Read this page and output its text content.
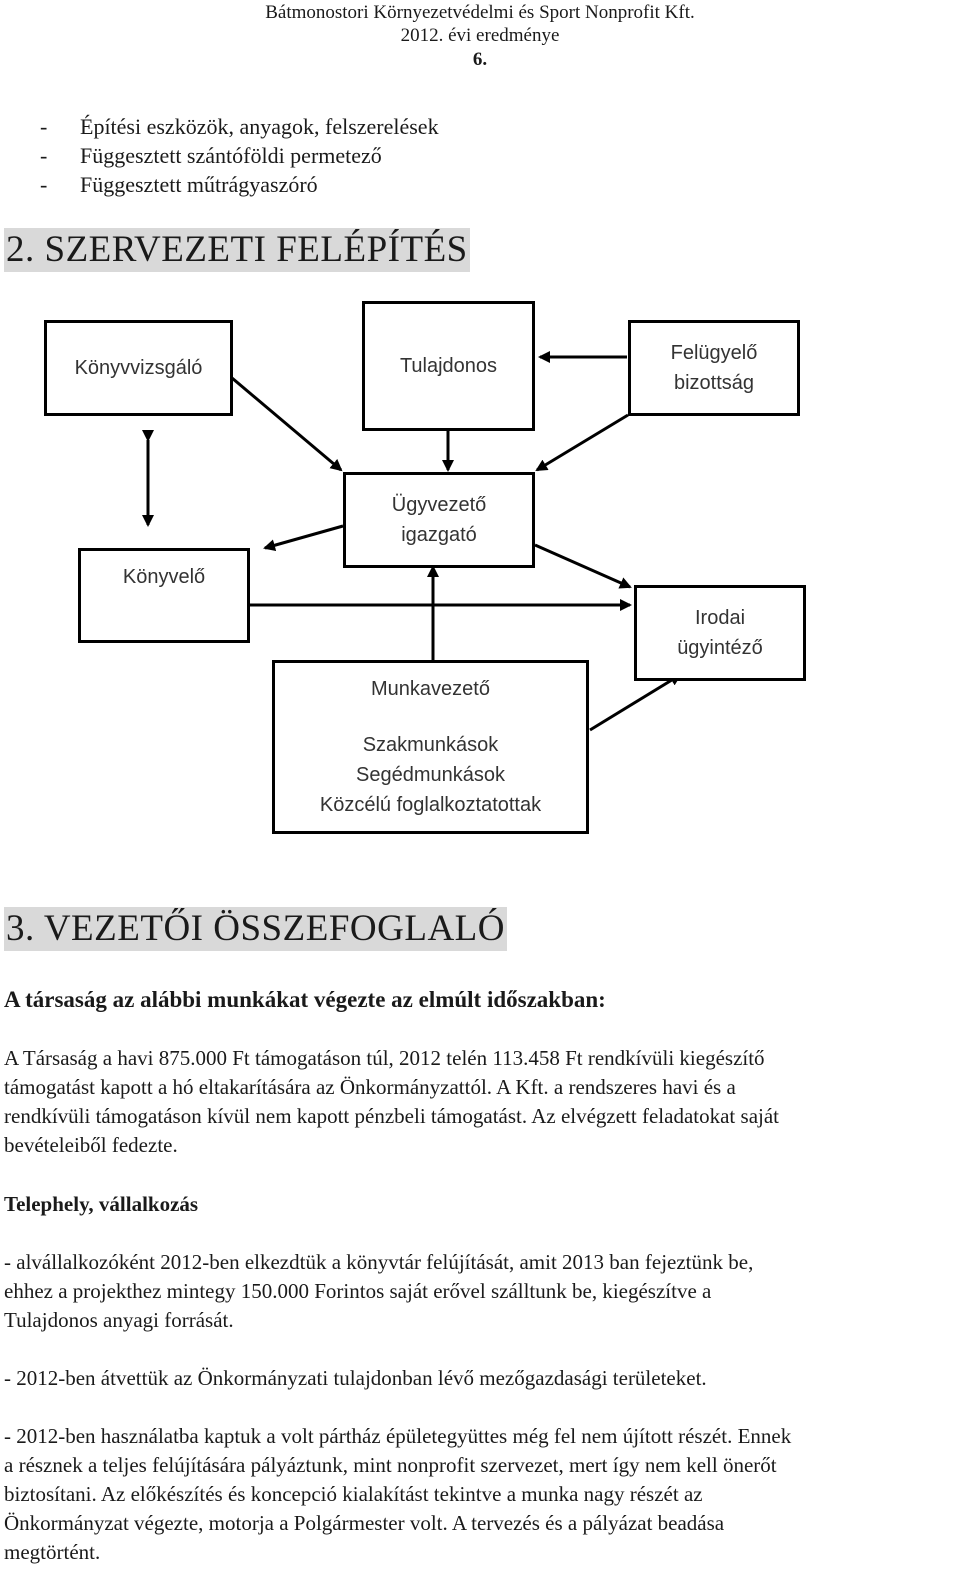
Bátmonostori Környezetvédelmi és Sport Nonprofit Kft.
2012. évi eredménye
6.
- Építési eszközök, anyagok, felszerelések
- Függesztett szántóföldi permetező
- Függesztett műtrágyaszóró
2. SZERVEZETI FELÉPÍTÉS
Könyvvizsgáló	Tulajdonos
Felügyelő
bizottság
Ügyvezető
igazgató
Könyvelő
Irodai
ügyintéző
Munkavezető
Szakmunkások
Segédmunkások
Közcélú foglalkoztatottak
3. VEZETŐI ÖSSZEFOGLALÓ
A társaság az alábbi munkákat végezte az elmúlt időszakban:
A Társaság a havi 875.000 Ft támogatáson túl, 2012 telén 113.458 Ft rendkívüli kiegészítő
támogatást kapott a hó eltakarítására az Önkormányzattól. A Kft. a rendszeres havi és a
rendkívüli támogatáson kívül nem kapott pénzbeli támogatást. Az elvégzett feladatokat saját
bevételeiből fedezte.
Telephely, vállalkozás
- alvállalkozóként 2012-ben elkezdtük a könyvtár felújítását, amit 2013 ban fejeztünk be,
ehhez a projekthez mintegy 150.000 Forintos saját erővel szálltunk be, kiegészítve a
Tulajdonos anyagi forrását.
- 2012-ben átvettük az Önkormányzati tulajdonban lévő mezőgazdasági területeket.
- 2012-ben használatba kaptuk a volt pártház épületegyüttes még fel nem újított részét. Ennek
a résznek a teljes felújítására pályáztunk, mint nonprofit szervezet, mert így nem kell önerőt
biztosítani. Az előkészítés és koncepció kialakítást tekintve a munka nagy részét az
Önkormányzat végezte, motorja a Polgármester volt. A tervezés és a pályázat beadása
megtörtént.
